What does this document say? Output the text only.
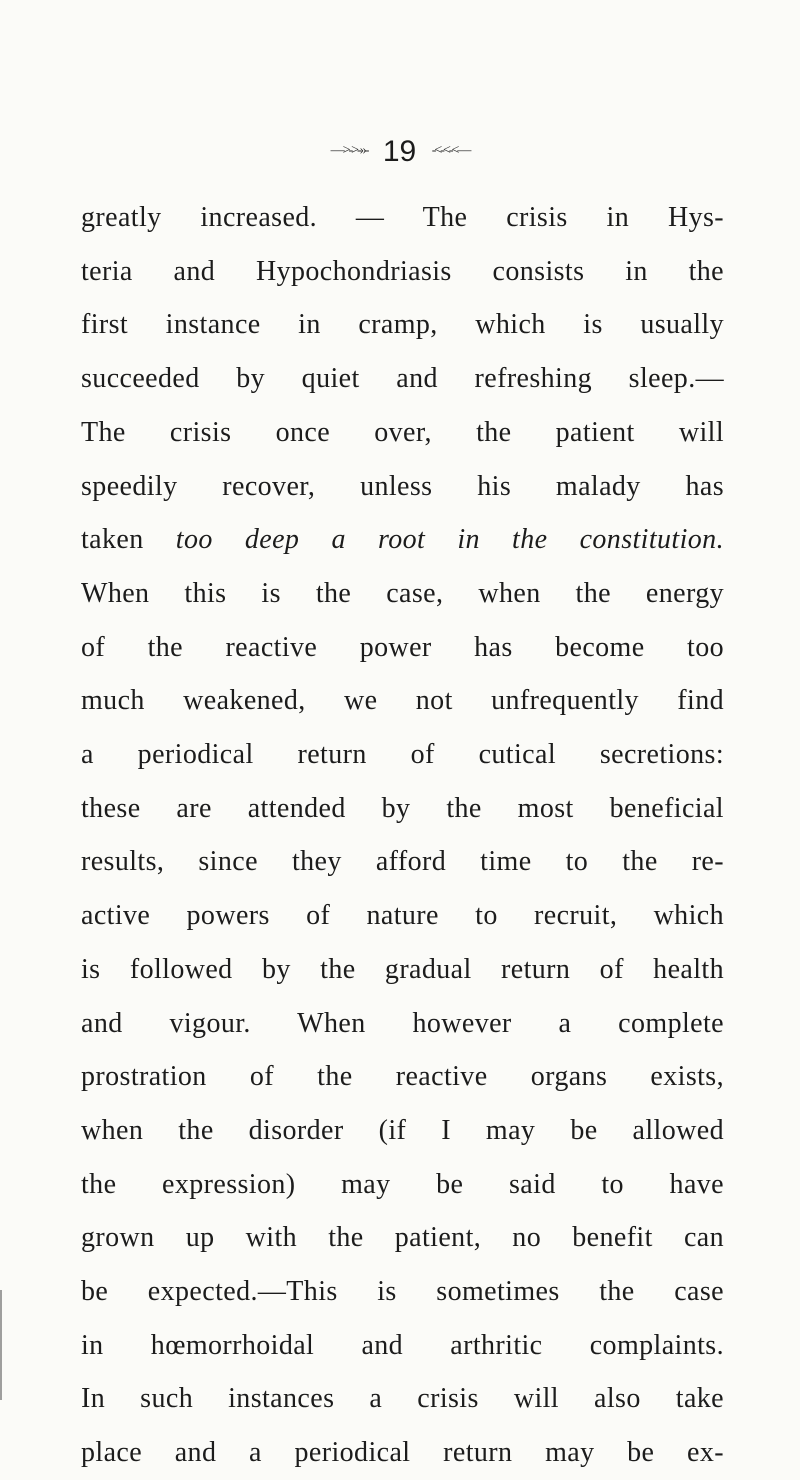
—>->-»- 19 -<-<-<—
greatly increased. — The crisis in Hys-
teria and Hypochondriasis consists in the
first instance in cramp, which is usually
succeeded by quiet and refreshing sleep.—
The crisis once over, the patient will
speedily recover, unless his malady has
taken too deep a root in the constitution.
When this is the case, when the energy
of the reactive power has become too
much weakened, we not unfrequently find
a periodical return of cutical secretions:
these are attended by the most beneficial
results, since they afford time to the re-
active powers of nature to recruit, which
is followed by the gradual return of health
and vigour. When however a complete
prostration of the reactive organs exists,
when the disorder (if I may be allowed
the expression) may be said to have
grown up with the patient, no benefit can
be expected.—This is sometimes the case
in hœmorrhoidal and arthritic complaints.
In such instances a crisis will also take
place and a periodical return may be ex-
